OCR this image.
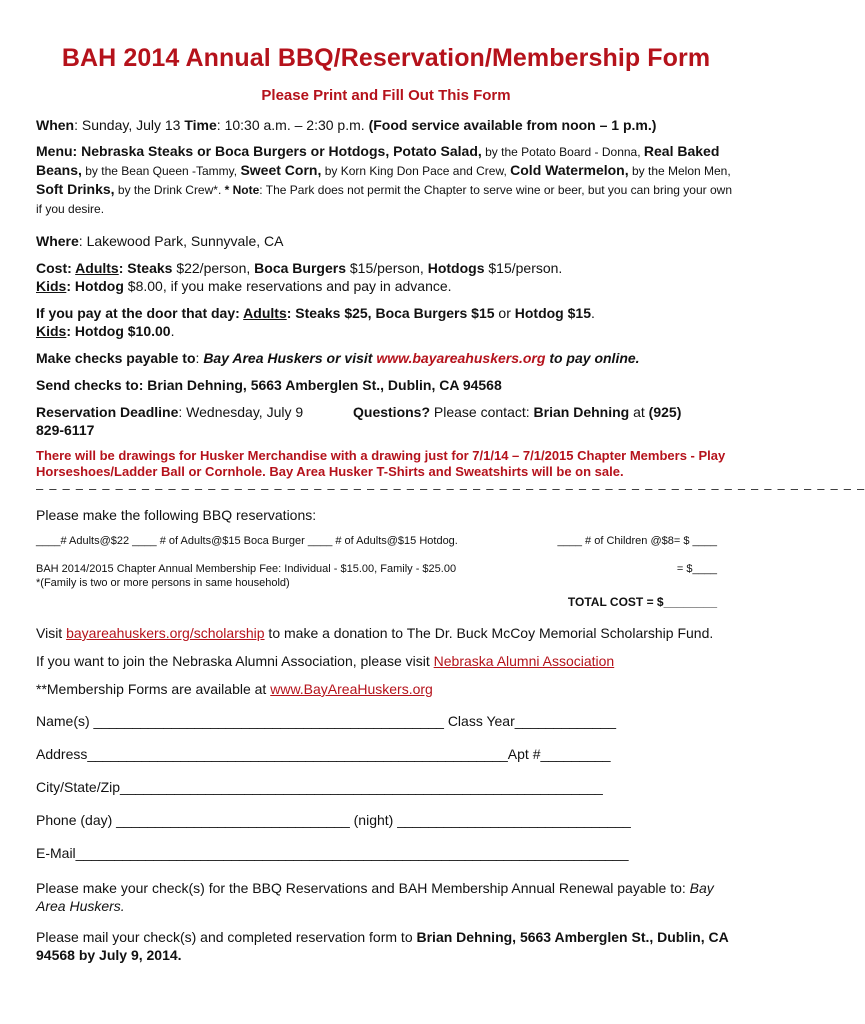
BAH 2014 Annual BBQ/Reservation/Membership Form
Please Print and Fill Out This Form

When: Sunday, July 13 Time: 10:30 a.m. – 2:30 p.m. (Food service available from noon – 1 p.m.)

Menu: Nebraska Steaks or Boca Burgers or Hotdogs, Potato Salad, by the Potato Board - Donna, Real Baked Beans, by the Bean Queen -Tammy, Sweet Corn, by Korn King Don Pace and Crew, Cold Watermelon, by the Melon Men, Soft Drinks, by the Drink Crew*. * Note: The Park does not permit the Chapter to serve wine or beer, but you can bring your own if you desire.

Where: Lakewood Park, Sunnyvale, CA

Cost: Adults: Steaks $22/person, Boca Burgers $15/person, Hotdogs $15/person.
Kids: Hotdog $8.00, if you make reservations and pay in advance.

If you pay at the door that day: Adults: Steaks $25, Boca Burgers $15 or Hotdog $15.
Kids: Hotdog $10.00.

Make checks payable to: Bay Area Huskers or visit www.bayareahuskers.org to pay online.

Send checks to: Brian Dehning, 5663 Amberglen St., Dublin, CA 94568

Reservation Deadline: Wednesday, July 9	Questions? Please contact: Brian Dehning at (925)
829-6117

There will be drawings for Husker Merchandise with a drawing just for 7/1/14 – 7/1/2015 Chapter Members - Play Horseshoes/Ladder Ball or Cornhole. Bay Area Husker T-Shirts and Sweatshirts will be on sale.

– – – – – – – – – – – – – – – – – – – – – – – – – – – – – – – – – – – – – – – – – – – – – – – – – – – – – – – – – – – – – – –

Please make the following BBQ reservations:

____# Adults@$22 ____ # of Adults@$15 Boca Burger ____ # of Adults@$15 Hotdog.	____ # of Children @$8= $ ____
BAH 2014/2015 Chapter Annual Membership Fee: Individual - $15.00, Family - $25.00	= $____

*(Family is two or more persons in same household)

TOTAL COST = $________

Visit bayareahuskers.org/scholarship to make a donation to The Dr. Buck McCoy Memorial Scholarship Fund.

If you want to join the Nebraska Alumni Association, please visit Nebraska Alumni Association

**Membership Forms are available at www.BayAreaHuskers.org

Name(s) _____________________________________________ Class Year_____________

Address______________________________________________________Apt #_________

City/State/Zip______________________________________________________________

Phone (day) ______________________________ (night) ______________________________

E-Mail_______________________________________________________________________

Please make your check(s) for the BBQ Reservations and BAH Membership Annual Renewal payable to: Bay Area Huskers.

Please mail your check(s) and completed reservation form to Brian Dehning, 5663 Amberglen St., Dublin, CA 94568 by July 9, 2014.
